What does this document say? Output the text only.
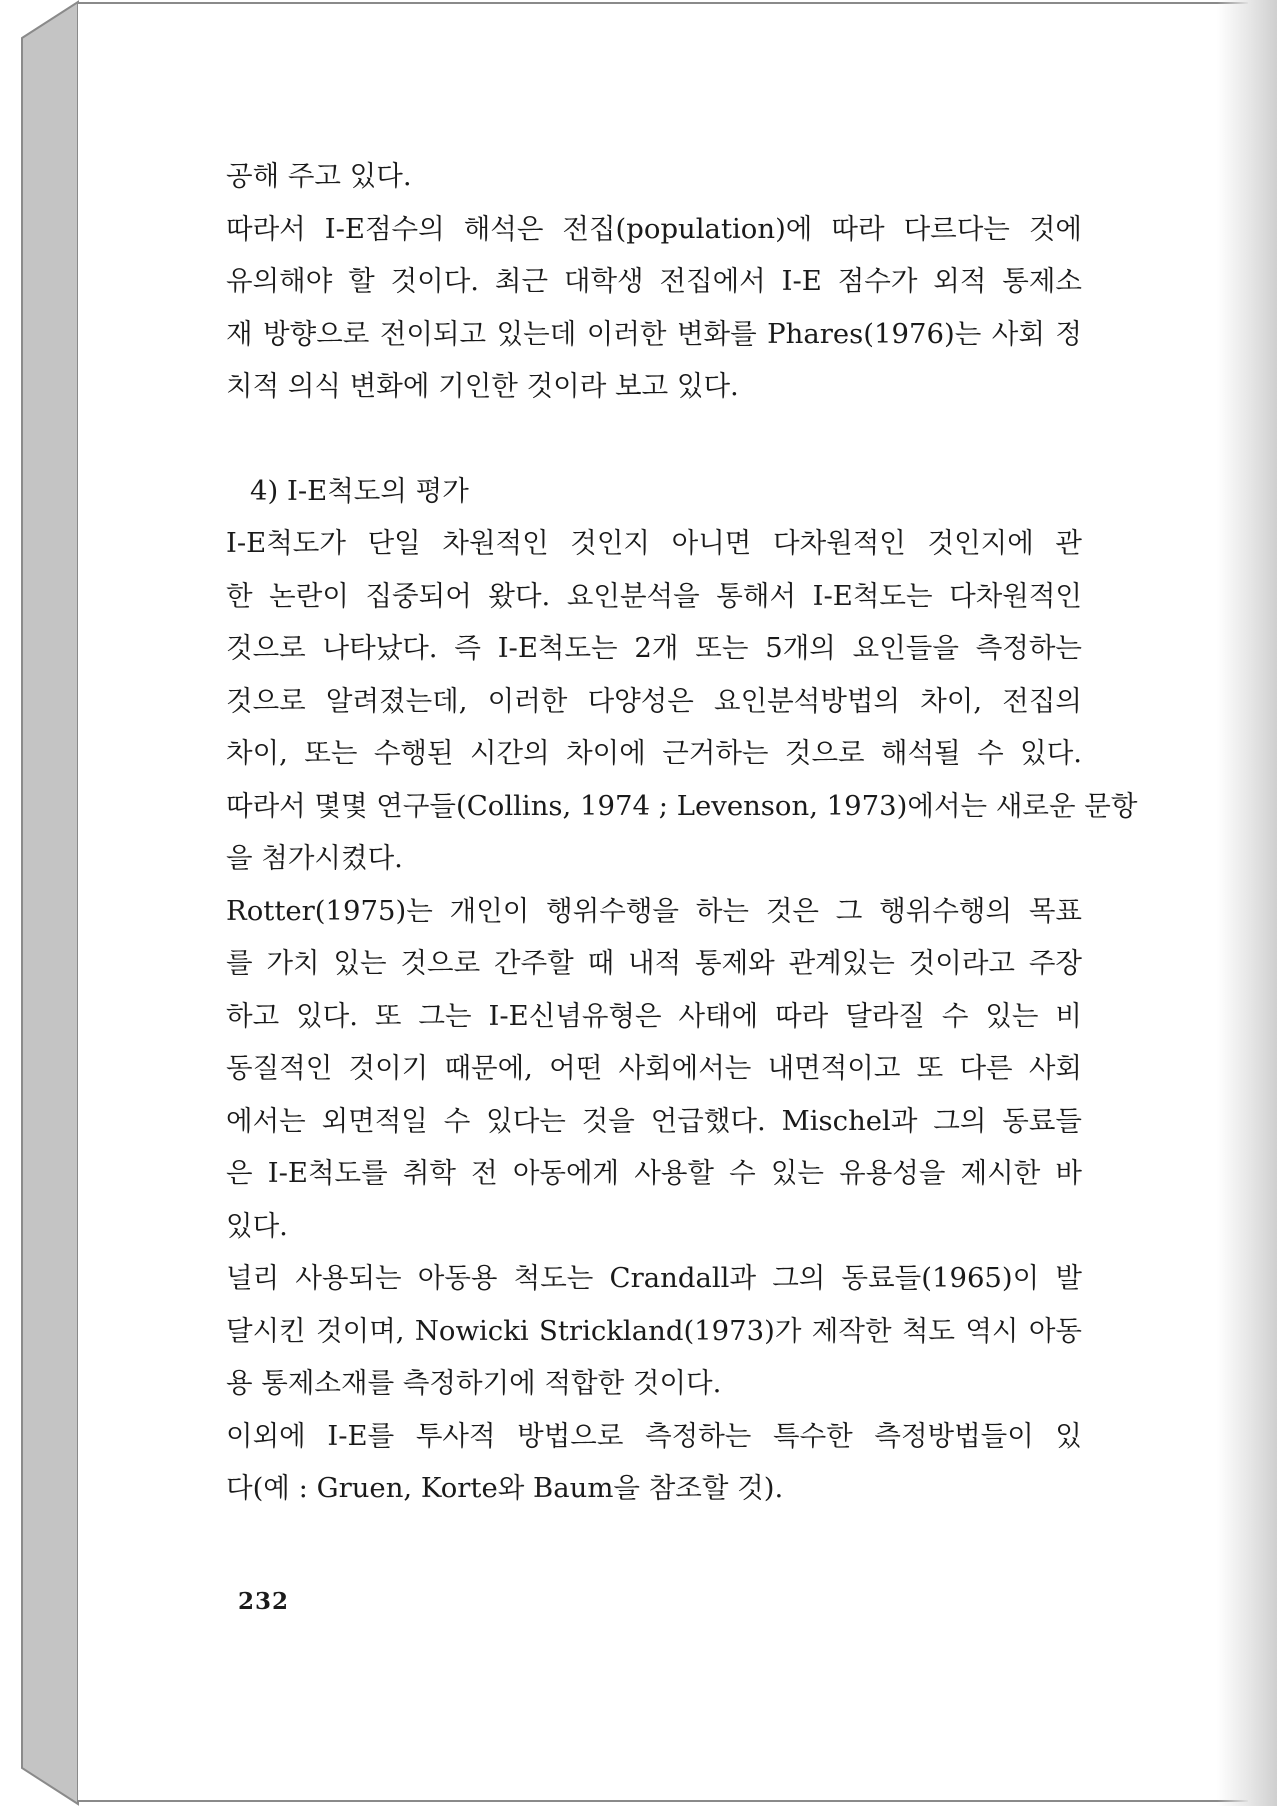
공해 주고 있다.
따라서 I-E점수의 해석은 전집(population)에 따라 다르다는 것에
유의해야 할 것이다. 최근 대학생 전집에서 I-E 점수가 외적 통제소
재 방향으로 전이되고 있는데 이러한 변화를 Phares(1976)는 사회 정
치적 의식 변화에 기인한 것이라 보고 있다.
4) I-E척도의 평가
I-E척도가 단일 차원적인 것인지 아니면 다차원적인 것인지에 관
한 논란이 집중되어 왔다. 요인분석을 통해서 I-E척도는 다차원적인
것으로 나타났다. 즉 I-E척도는 2개 또는 5개의 요인들을 측정하는
것으로 알려졌는데, 이러한 다양성은 요인분석방법의 차이, 전집의
차이, 또는 수행된 시간의 차이에 근거하는 것으로 해석될 수 있다.
따라서 몇몇 연구들(Collins, 1974 ; Levenson, 1973)에서는 새로운 문항
을 첨가시켰다.
Rotter(1975)는 개인이 행위수행을 하는 것은 그 행위수행의 목표
를 가치 있는 것으로 간주할 때 내적 통제와 관계있는 것이라고 주장
하고 있다. 또 그는 I-E신념유형은 사태에 따라 달라질 수 있는 비
동질적인 것이기 때문에, 어떤 사회에서는 내면적이고 또 다른 사회
에서는 외면적일 수 있다는 것을 언급했다. Mischel과 그의 동료들
은 I-E척도를 취학 전 아동에게 사용할 수 있는 유용성을 제시한 바
있다.
널리 사용되는 아동용 척도는 Crandall과 그의 동료들(1965)이 발
달시킨 것이며, Nowicki Strickland(1973)가 제작한 척도 역시 아동
용 통제소재를 측정하기에 적합한 것이다.
이외에 I-E를 투사적 방법으로 측정하는 특수한 측정방법들이 있
다(예 : Gruen, Korte와 Baum을 참조할 것).
232
